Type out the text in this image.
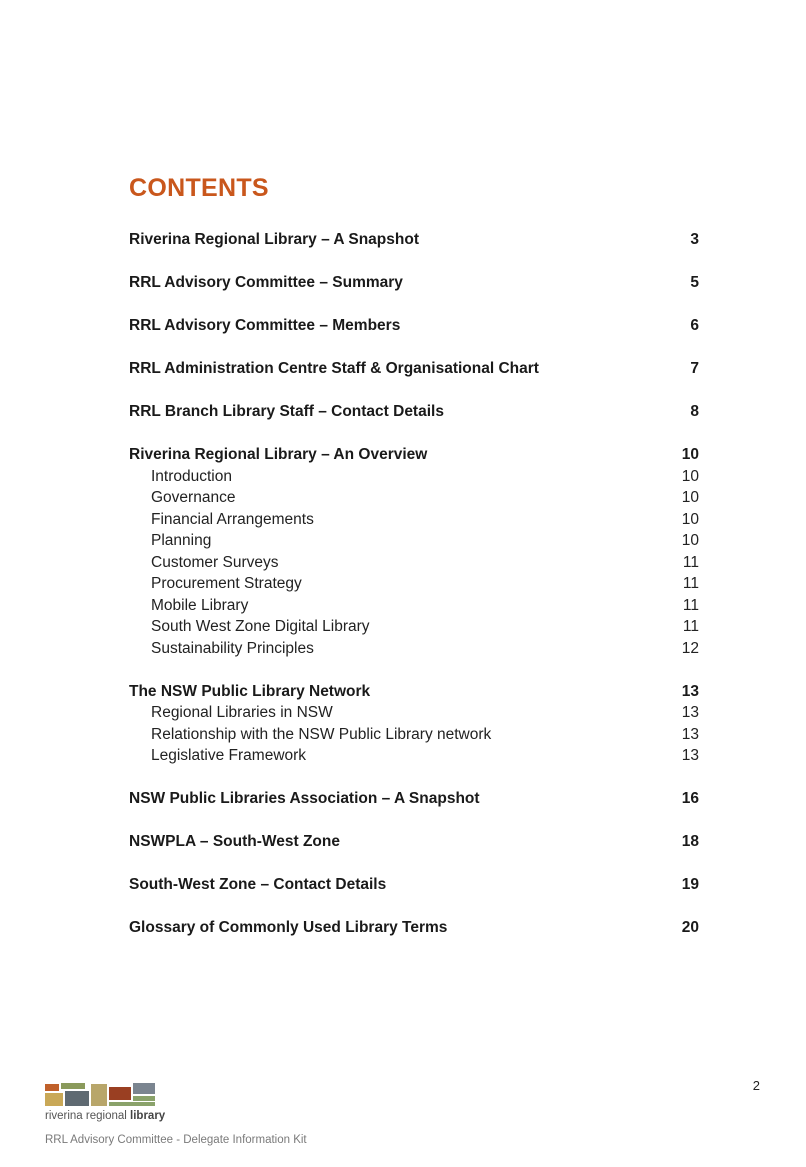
CONTENTS
Riverina Regional Library – A Snapshot	3
RRL Advisory Committee – Summary	5
RRL Advisory Committee – Members	6
RRL Administration Centre Staff & Organisational Chart	7
RRL Branch Library Staff – Contact Details	8
Riverina Regional Library – An Overview	10
Introduction	10
Governance	10
Financial Arrangements	10
Planning	10
Customer Surveys	11
Procurement Strategy	11
Mobile Library	11
South West Zone Digital Library	11
Sustainability Principles	12
The NSW Public Library Network	13
Regional Libraries in NSW	13
Relationship with the NSW Public Library network	13
Legislative Framework	13
NSW Public Libraries Association – A Snapshot	16
NSWPLA – South-West Zone	18
South-West Zone – Contact Details	19
Glossary of Commonly Used Library Terms	20
2
riverina regional library
RRL Advisory Committee - Delegate Information Kit
